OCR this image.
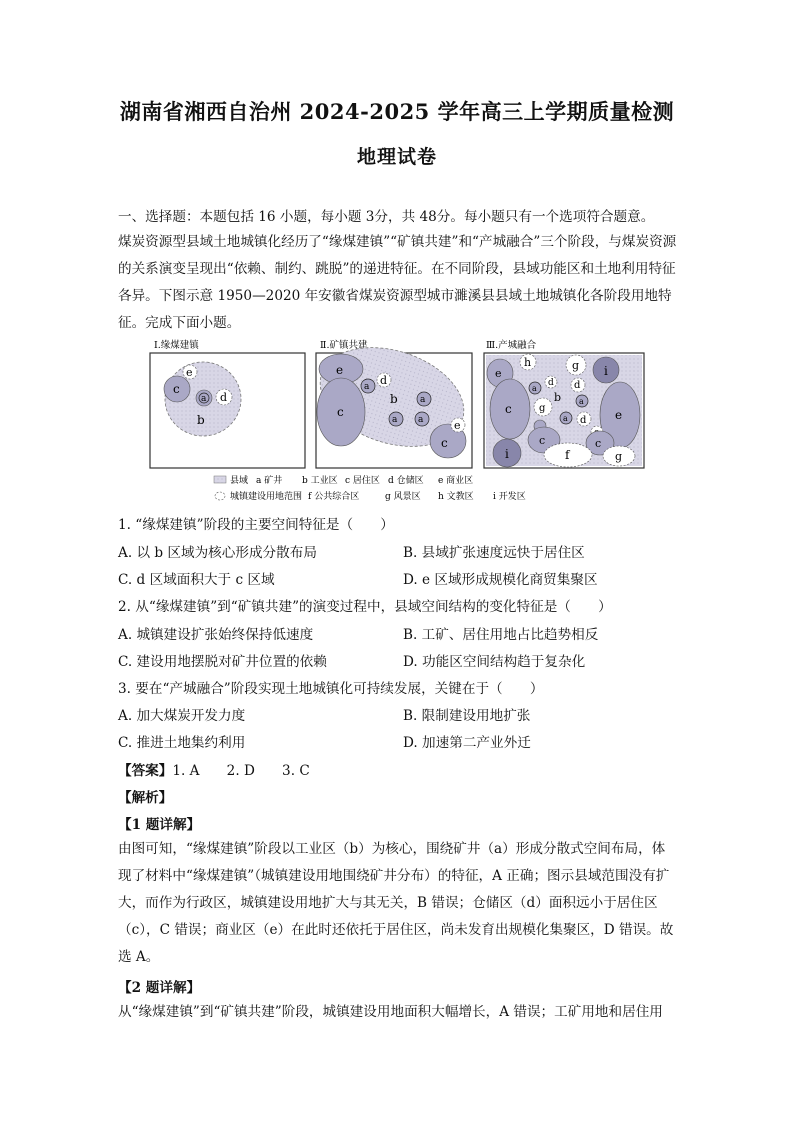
湖南省湘西自治州 2024-2025 学年高三上学期质量检测
地理试卷
一、选择题：本题包括 16 小题，每小题 3分，共 48分。每小题只有一个选项符合题意。
煤炭资源型县域土地城镇化经历了“缘煤建镇”“矿镇共建”和“产城融合”三个阶段，与煤炭资源的关系演变呈现出“依赖、制约、跳脱”的递进特征。在不同阶段，县域功能区和土地利用特征各异。下图示意 1950—2020 年安徽省煤炭资源型城市濉溪县县域土地城镇化各阶段用地特征。完成下面小题。
Ⅰ.缘煤建镇	Ⅱ.矿镇共建	Ⅲ.产城融合
c
e
a d
b
e
c
a d
b a
a a
c
e
h	g
e	i
c
a
d d
b a
g
a d e
c	c
i	f	g
县域 a 矿井 b 工业区 c 居住区 d 仓储区 e 商业区
城镇建设用地范围 f 公共综合区	g 风景区 h 文教区 i 开发区
1. “缘煤建镇”阶段的主要空间特征是（　　）
A. 以 b 区域为核心形成分散布局	B. 县域扩张速度远快于居住区
C. d 区域面积大于 c 区域	D. e 区域形成规模化商贸集聚区
2. 从“缘煤建镇”到“矿镇共建”的演变过程中，县域空间结构的变化特征是（　　）
A. 城镇建设扩张始终保持低速度	B. 工矿、居住用地占比趋势相反
C. 建设用地摆脱对矿井位置的依赖	D. 功能区空间结构趋于复杂化
3. 要在“产城融合”阶段实现土地城镇化可持续发展，关键在于（　　）
A. 加大煤炭开发力度	B. 限制建设用地扩张
C. 推进土地集约利用	D. 加速第二产业外迁
【答案】1. A　　2. D　　3. C
【解析】
【1 题详解】
由图可知，“缘煤建镇”阶段以工业区（b）为核心，围绕矿井（a）形成分散式空间布局，体现了材料中“缘煤建镇”（城镇建设用地围绕矿井分布）的特征，A 正确；图示县域范围没有扩大，而作为行政区，城镇建设用地扩大与其无关，B 错误；仓储区（d）面积远小于居住区（c），C 错误；商业区（e）在此时还依托于居住区，尚未发育出规模化集聚区，D 错误。故选 A。
【2 题详解】
从“缘煤建镇”到“矿镇共建”阶段，城镇建设用地面积大幅增长，A 错误；工矿用地和居住用
